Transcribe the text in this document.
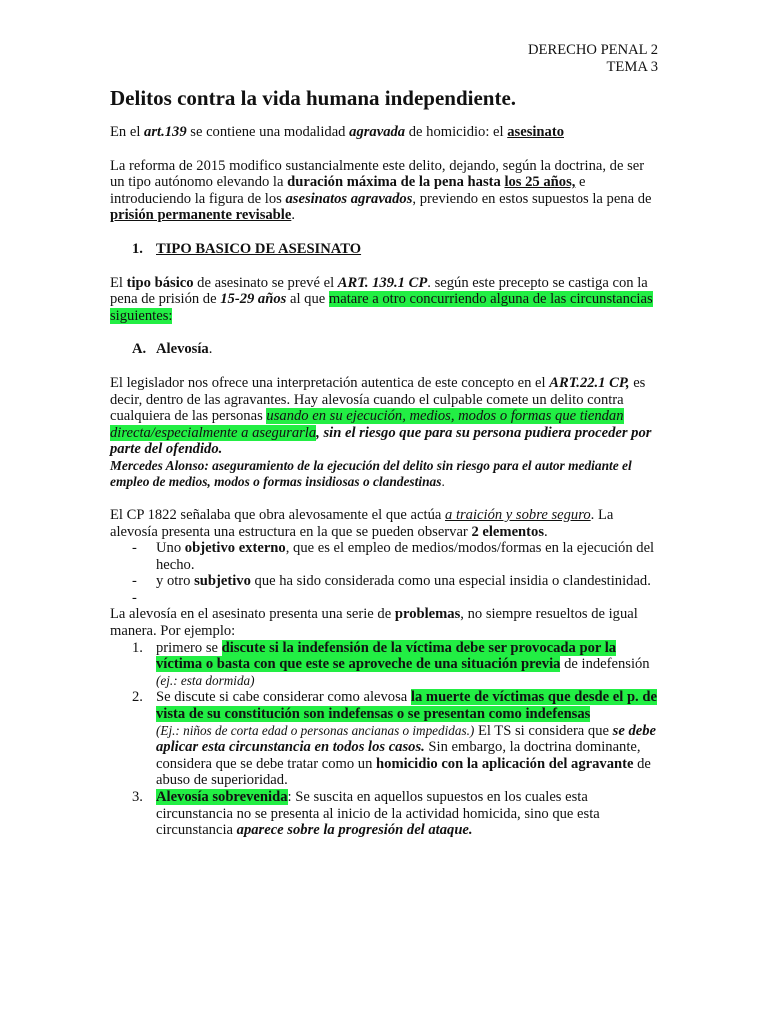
DERECHO PENAL 2
TEMA 3
Delitos contra la vida humana independiente.

En el art.139 se contiene una modalidad agravada de homicidio: el asesinato

La reforma de 2015 modifico sustancialmente este delito, dejando, según la doctrina, de ser un tipo autónomo elevando la duración máxima de la pena hasta los 25 años, e introduciendo la figura de los asesinatos agravados, previendo en estos supuestos la pena de prisión permanente revisable.

1. TIPO BASICO DE ASESINATO

El tipo básico de asesinato se prevé el ART. 139.1 CP. según este precepto se castiga con la pena de prisión de 15-29 años al que matare a otro concurriendo alguna de las circunstancias siguientes:

A. Alevosía.

El legislador nos ofrece una interpretación autentica de este concepto en el ART.22.1 CP, es decir, dentro de las agravantes. Hay alevosía cuando el culpable comete un delito contra cualquiera de las personas usando en su ejecución, medios, modos o formas que tiendan directa/especialmente a asegurarla, sin el riesgo que para su persona pudiera proceder por parte del ofendido.

Mercedes Alonso: aseguramiento de la ejecución del delito sin riesgo para el autor mediante el empleo de medios, modos o formas insidiosas o clandestinas.

El CP 1822 señalaba que obra alevosamente el que actúa a traición y sobre seguro. La alevosía presenta una estructura en la que se pueden observar 2 elementos.

- Uno objetivo externo, que es el empleo de medios/modos/formas en la ejecución del hecho.
- y otro subjetivo que ha sido considerada como una especial insidia o clandestinidad.
-

La alevosía en el asesinato presenta una serie de problemas, no siempre resueltos de igual manera. Por ejemplo:

1. primero se discute si la indefensión de la víctima debe ser provocada por la víctima o basta con que este se aproveche de una situación previa de indefensión (ej.: esta dormida)
2. Se discute si cabe considerar como alevosa la muerte de víctimas que desde el p. de vista de su constitución son indefensas o se presentan como indefensas
(Ej.: niños de corta edad o personas ancianas o impedidas.) El TS si considera que se debe aplicar esta circunstancia en todos los casos. Sin embargo, la doctrina dominante, considera que se debe tratar como un homicidio con la aplicación del agravante de abuso de superioridad.
3. Alevosía sobrevenida: Se suscita en aquellos supuestos en los cuales esta circunstancia no se presenta al inicio de la actividad homicida, sino que esta circunstancia aparece sobre la progresión del ataque.
